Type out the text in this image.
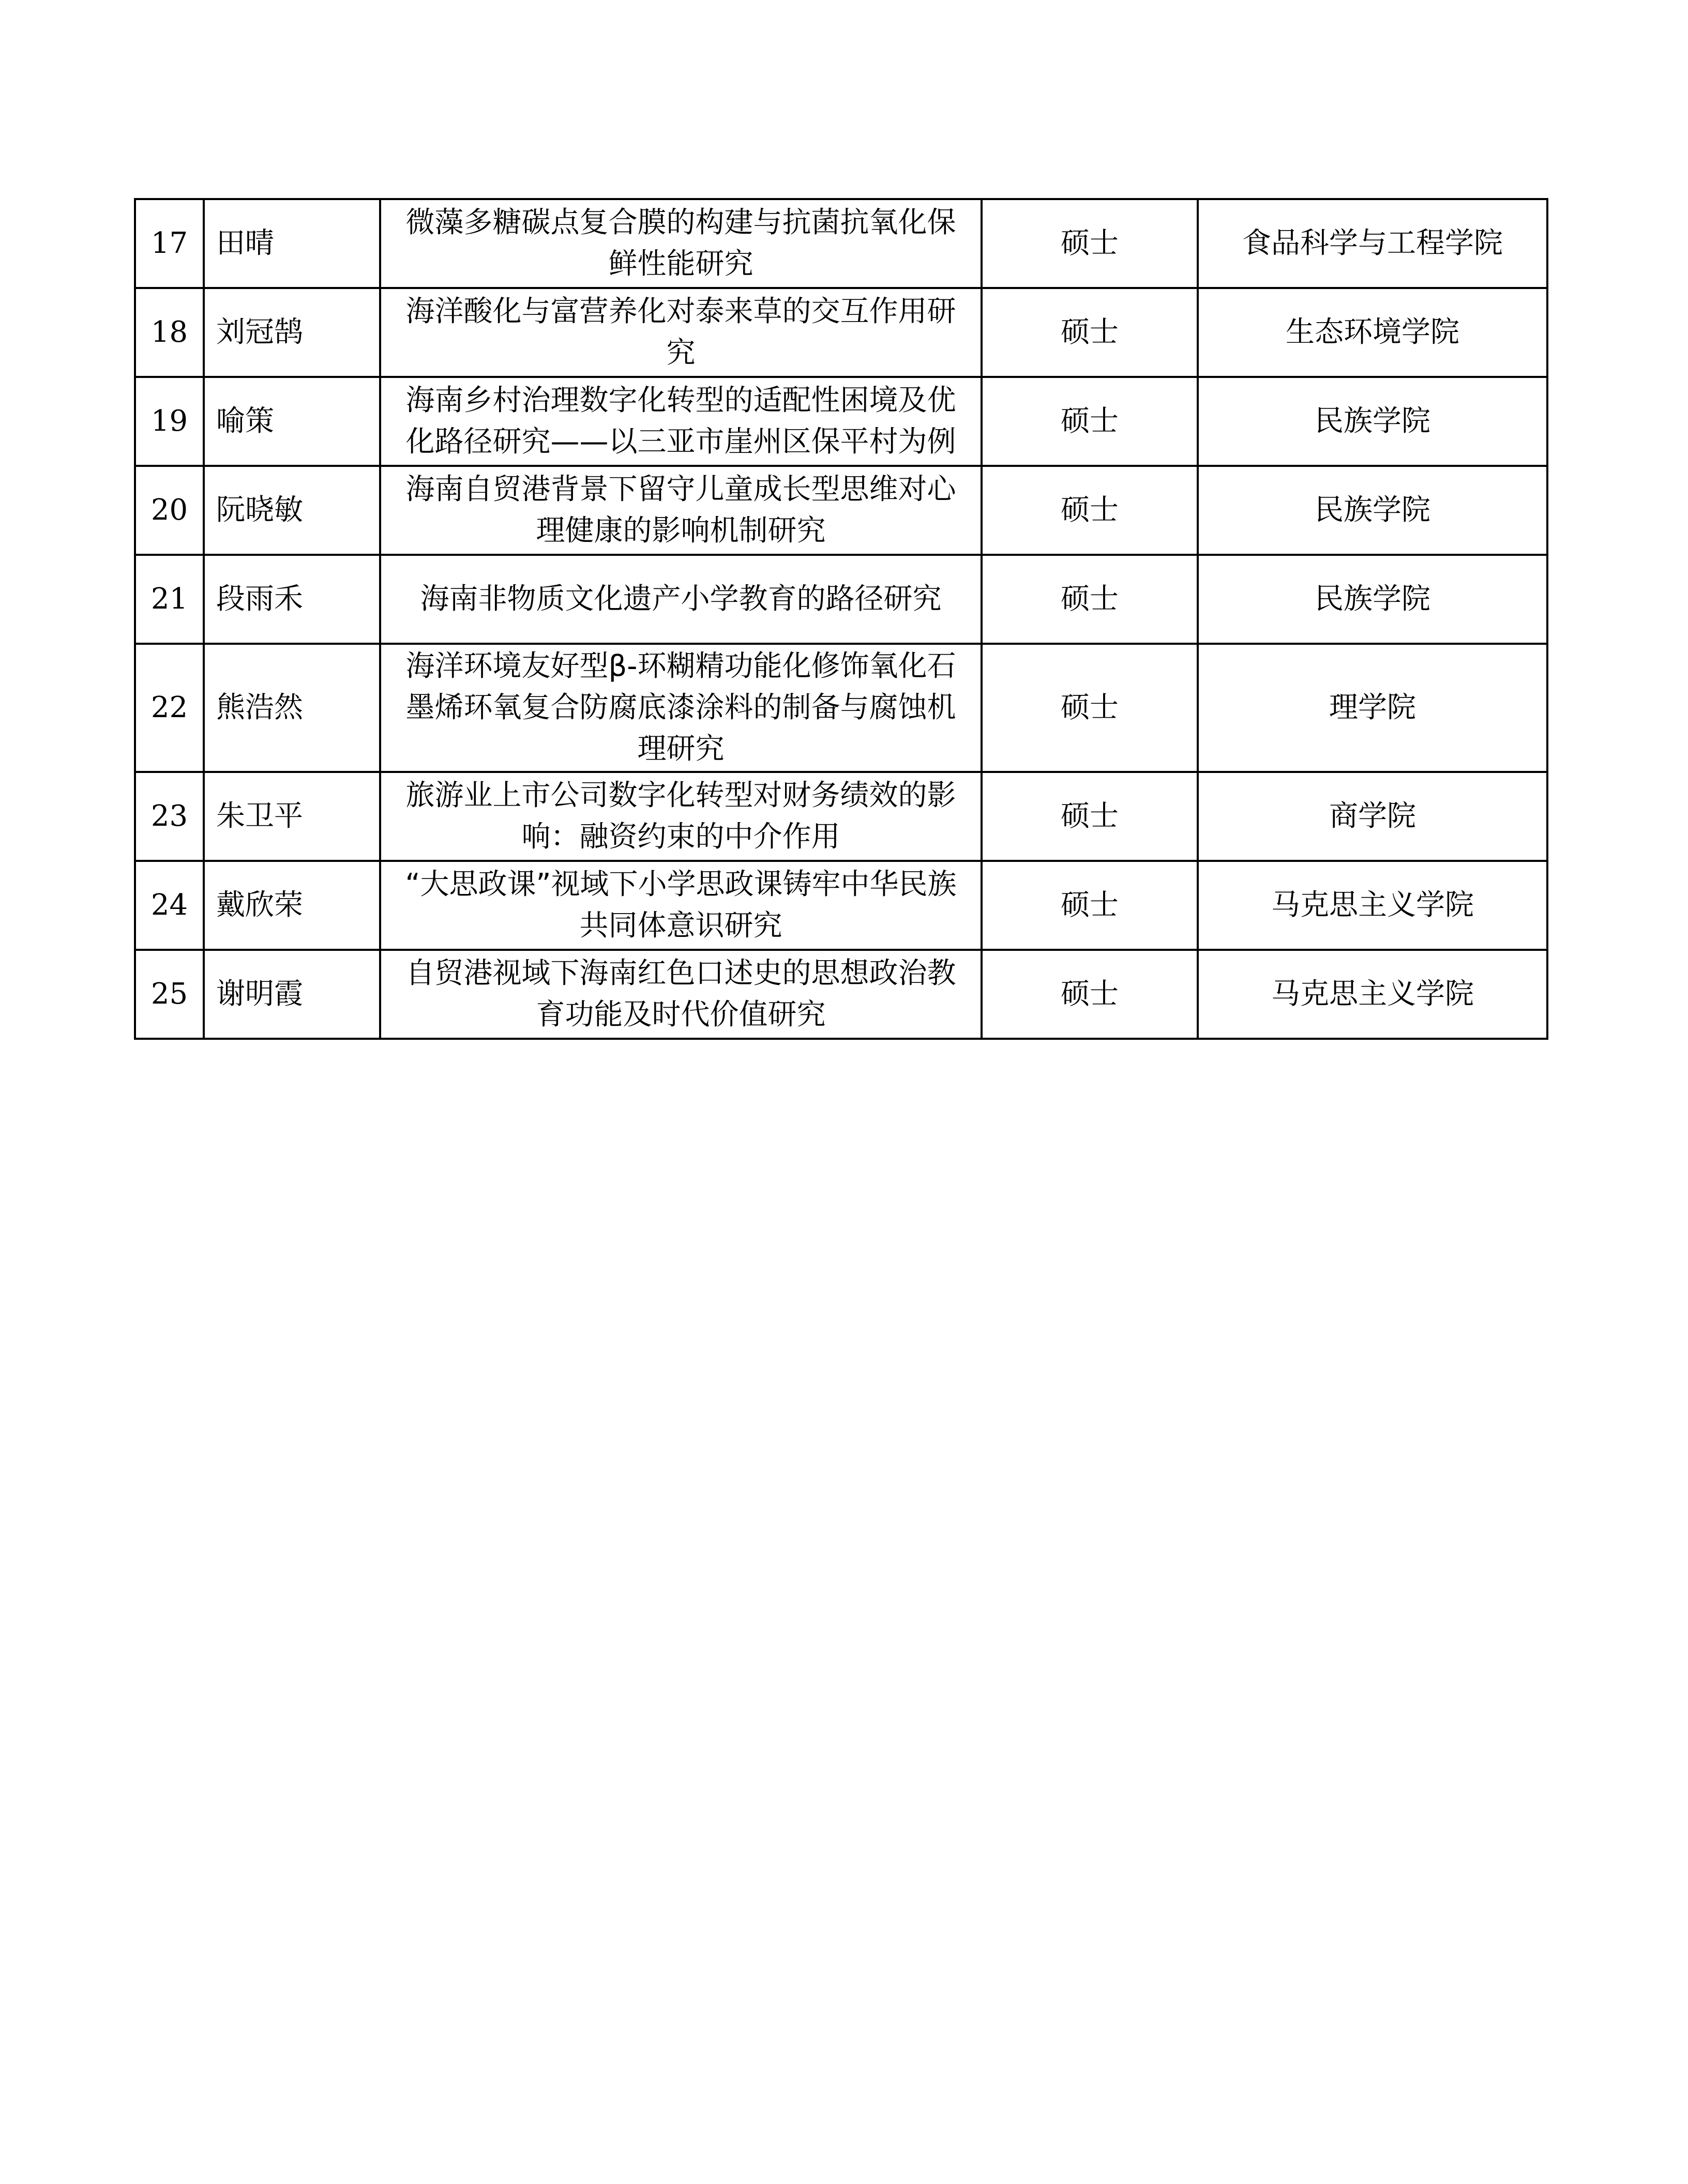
17	田晴	微藻多糖碳点复合膜的构建与抗菌抗氧化保鲜性能研究	硕士	食品科学与工程学院
18	刘冠鹄	海洋酸化与富营养化对泰来草的交互作用研究	硕士	生态环境学院
19	喻策	海南乡村治理数字化转型的适配性困境及优化路径研究——以三亚市崖州区保平村为例	硕士	民族学院
20	阮晓敏	海南自贸港背景下留守儿童成长型思维对心理健康的影响机制研究	硕士	民族学院
21	段雨禾	海南非物质文化遗产小学教育的路径研究	硕士	民族学院
22	熊浩然	海洋环境友好型β-环糊精功能化修饰氧化石墨烯环氧复合防腐底漆涂料的制备与腐蚀机理研究	硕士	理学院
23	朱卫平	旅游业上市公司数字化转型对财务绩效的影响：融资约束的中介作用	硕士	商学院
24	戴欣荣	“大思政课”视域下小学思政课铸牢中华民族共同体意识研究	硕士	马克思主义学院
25	谢明霞	自贸港视域下海南红色口述史的思想政治教育功能及时代价值研究	硕士	马克思主义学院
